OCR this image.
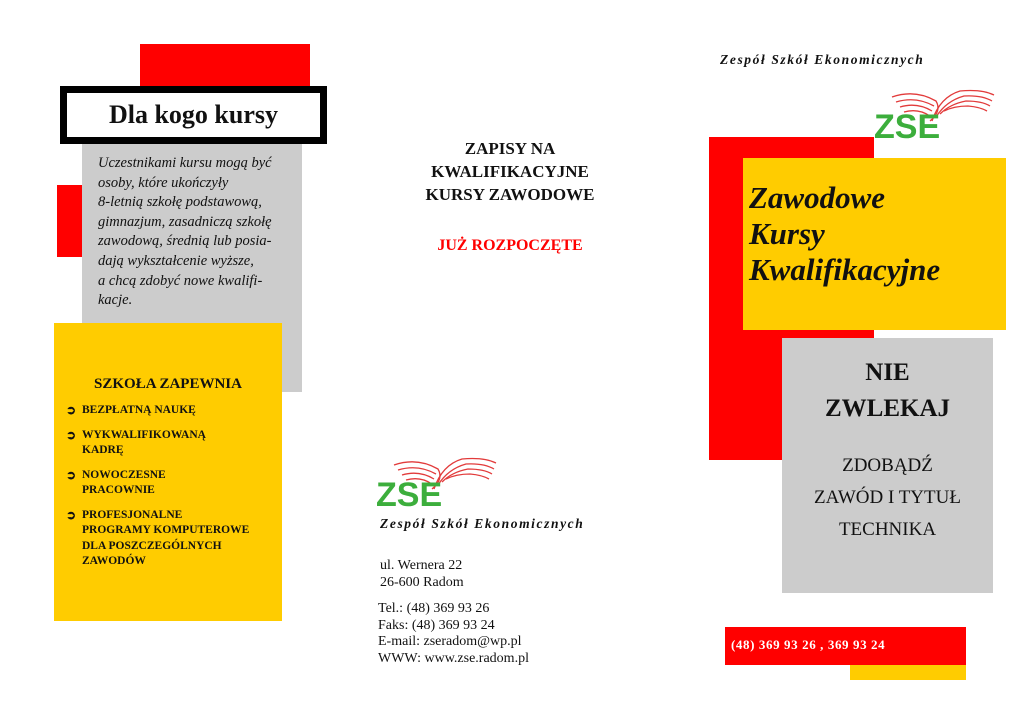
Dla kogo kursy
Uczestnikami kursu mogą być
osoby, które ukończyły
8-letnią szkołę podstawową,
gimnazjum, zasadniczą szkołę
zawodową, średnią lub posia-
dają wykształcenie wyższe,
a chcą zdobyć nowe kwalifi-
kacje.
SZKOŁA ZAPEWNIA
➲ BEZPŁATNĄ NAUKĘ
➲ WYKWALIFIKOWANĄ
KADRĘ
➲ NOWOCZESNE
PRACOWNIE
➲ PROFESJONALNE
PROGRAMY KOMPUTEROWE
DLA POSZCZEGÓLNYCH
ZAWODÓW
ZAPISY NA
KWALIFIKACYJNE
KURSY ZAWODOWE
JUŻ ROZPOCZĘTE
ZSE
Zespół Szkół Ekonomicznych
ul. Wernera 22
26-600 Radom
Tel.: (48) 369 93 26
Faks: (48) 369 93 24
E-mail: zseradom@wp.pl
WWW: www.zse.radom.pl
Zespół Szkół Ekonomicznych
ZSE
Zawodowe
Kursy
Kwalifikacyjne
NIE
ZWLEKAJ
ZDOBĄDŹ
ZAWÓD I TYTUŁ
TECHNIKA
(48) 369 93 26 , 369 93 24
